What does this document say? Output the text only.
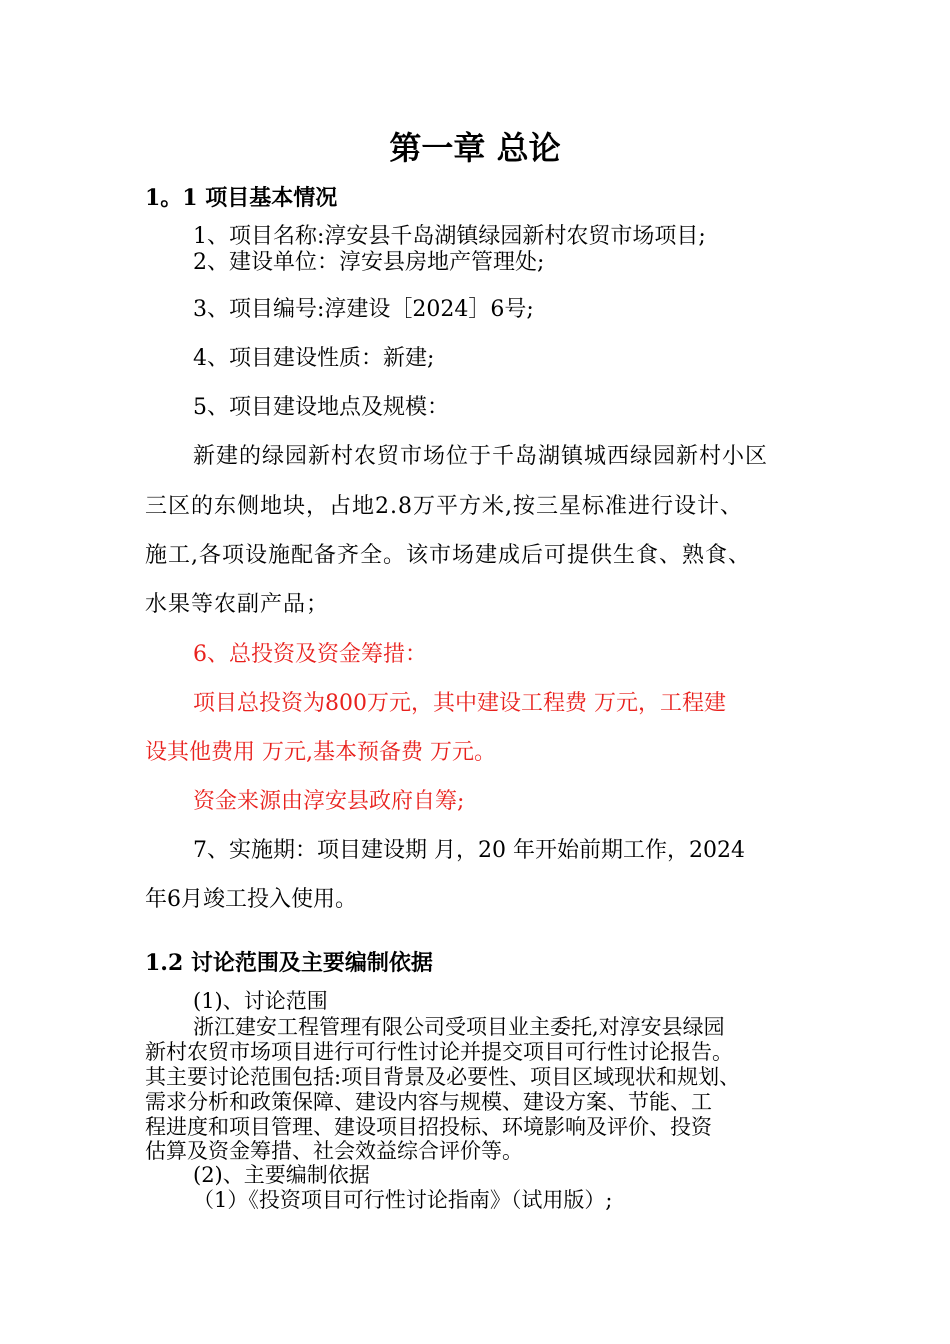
第一章 总论
1。1 项目基本情况
1、项目名称:淳安县千岛湖镇绿园新村农贸市场项目;
2、建设单位：淳安县房地产管理处;
3、项目编号:淳建设［2024］6号;
4、项目建设性质：新建;
5、项目建设地点及规模：
新建的绿园新村农贸市场位于千岛湖镇城西绿园新村小区
三区的东侧地块，占地2.8万平方米,按三星标准进行设计、
施工,各项设施配备齐全。该市场建成后可提供生食、熟食、
水果等农副产品；
6、总投资及资金筹措：
项目总投资为800万元，其中建设工程费 万元，工程建
设其他费用 万元,基本预备费 万元。
资金来源由淳安县政府自筹;
7、实施期：项目建设期 月，20 年开始前期工作，2024
年6月竣工投入使用。
1.2 讨论范围及主要编制依据
(1)、讨论范围
浙江建安工程管理有限公司受项目业主委托,对淳安县绿园
新村农贸市场项目进行可行性讨论并提交项目可行性讨论报告。
其主要讨论范围包括:项目背景及必要性、项目区域现状和规划、
需求分析和政策保障、建设内容与规模、建设方案、节能、工
程进度和项目管理、建设项目招投标、环境影响及评价、投资
估算及资金筹措、社会效益综合评价等。
(2)、主要编制依据
（1）《投资项目可行性讨论指南》（试用版）;
